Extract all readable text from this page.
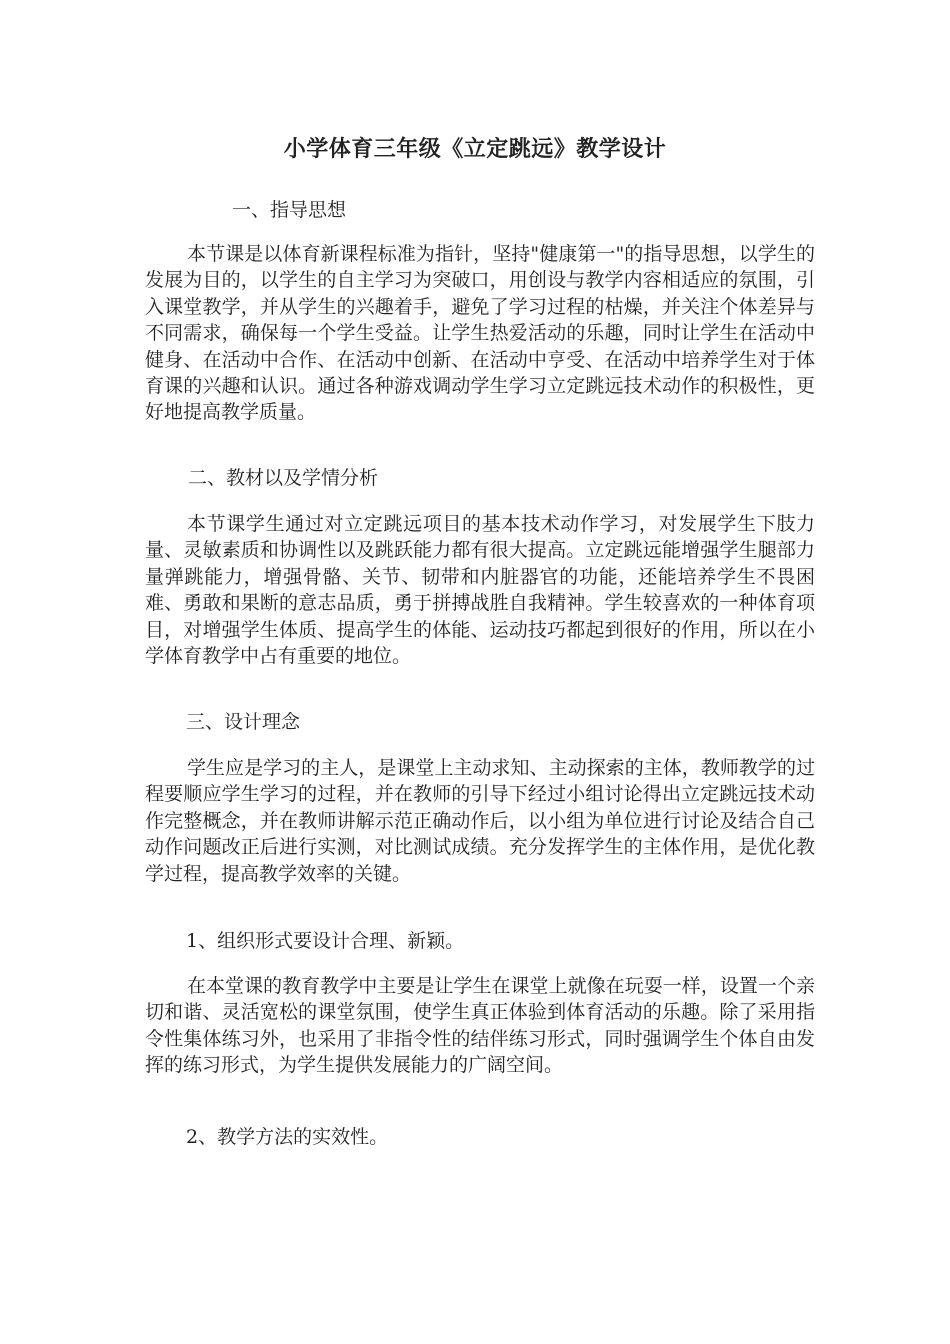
小学体育三年级《立定跳远》教学设计
一、指导思想
本节课是以体育新课程标准为指针，坚持"健康第一"的指导思想，以学生的发展为目的，以学生的自主学习为突破口，用创设与教学内容相适应的氛围，引入课堂教学，并从学生的兴趣着手，避免了学习过程的枯燥，并关注个体差异与不同需求，确保每一个学生受益。让学生热爱活动的乐趣，同时让学生在活动中健身、在活动中合作、在活动中创新、在活动中亨受、在活动中培养学生对于体育课的兴趣和认识。通过各种游戏调动学生学习立定跳远技术动作的积极性，更好地提高教学质量。
二、教材以及学情分析
本节课学生通过对立定跳远项目的基本技术动作学习，对发展学生下肢力量、灵敏素质和协调性以及跳跃能力都有很大提高。立定跳远能增强学生腿部力量弹跳能力，增强骨骼、关节、韧带和内脏器官的功能，还能培养学生不畏困难、勇敢和果断的意志品质，勇于拼搏战胜自我精神。学生较喜欢的一种体育项目，对增强学生体质、提高学生的体能、运动技巧都起到很好的作用，所以在小学体育教学中占有重要的地位。
三、设计理念
学生应是学习的主人，是课堂上主动求知、主动探索的主体，教师教学的过程要顺应学生学习的过程，并在教师的引导下经过小组讨论得出立定跳远技术动作完整概念，并在教师讲解示范正确动作后，以小组为单位进行讨论及结合自己动作问题改正后进行实测，对比测试成绩。充分发挥学生的主体作用，是优化教学过程，提高教学效率的关键。
1、组织形式要设计合理、新颖。
在本堂课的教育教学中主要是让学生在课堂上就像在玩耍一样，设置一个亲切和谐、灵活宽松的课堂氛围，使学生真正体验到体育活动的乐趣。除了采用指令性集体练习外，也采用了非指令性的结伴练习形式，同时强调学生个体自由发挥的练习形式，为学生提供发展能力的广阔空间。
2、教学方法的实效性。
